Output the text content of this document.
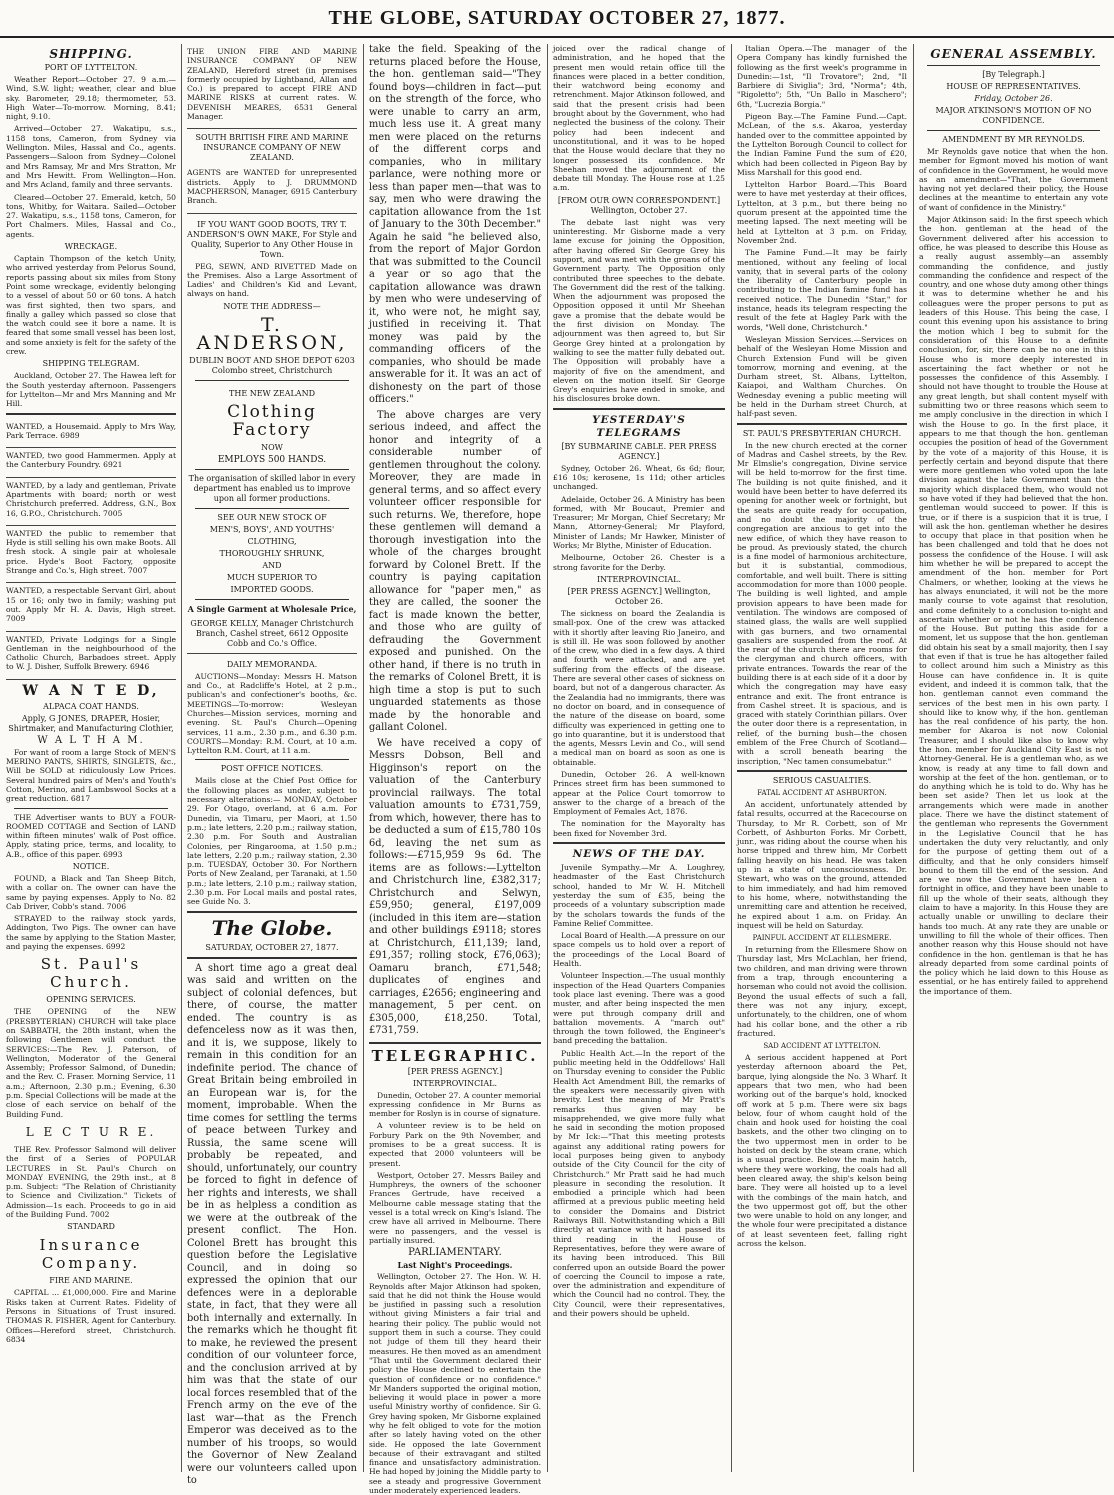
THE GLOBE, SATURDAY OCTOBER 27, 1877.
SHIPPING.
PORT OF LYTTELTON.

Weather Report—October 27. 9 a.m.—Wind, S.W. light; weather, clear and blue sky. Barometer, 29.18; thermometer, 53. High Water—To-morrow. Morning, 8.41; night, 9.10.

Arrived—October 27. Wakatipu, s.s., 1158 tons, Cameron, from Sydney via Wellington. Miles, Hassal and Co., agents. Passengers—Saloon from Sydney—Colonel and Mrs Ramsay, Mr and Mrs Stratton, Mr and Mrs Hewitt. From Wellington—Hon. and Mrs Acland, family and three servants.

Cleared—October 27. Emerald, ketch, 50 tons, Whitby, for Waitara. Sailed—October 27. Wakatipu, s.s., 1158 tons, Cameron, for Port Chalmers. Miles, Hassal and Co., agents.

WRECKAGE.

Captain Thompson of the ketch Unity, who arrived yesterday from Pelorus Sound, reports passing about six miles from Stony Point some wreckage, evidently belonging to a vessel of about 50 or 60 tons. A hatch was first sighted, then two spars, and finally a galley which passed so close that the watch could see it bore a name. It is feared that some small vessel has been lost, and some anxiety is felt for the safety of the crew.

SHIPPING TELEGRAM.

Auckland, October 27. The Hawea left for the South yesterday afternoon. Passengers for Lyttelton—Mr and Mrs Manning and Mr Hill.

WANTED, a Housemaid. Apply to Mrs Way, Park Terrace. 6989

WANTED, two good Hammermen. Apply at the Canterbury Foundry. 6921

WANTED, by a lady and gentleman, Private Apartments with board; north or west Christchurch preferred. Address, G.N., Box 16, G.P.O., Christchurch. 7005

WANTED the public to remember that Hyde is still selling his own make Boots. All fresh stock. A single pair at wholesale price. Hyde's Boot Factory, opposite Strange and Co.'s, High street. 7007

WANTED, a respectable Servant Girl, about 15 or 16; only two in family; washing put out. Apply Mr H. A. Davis, High street. 7009

WANTED, Private Lodgings for a Single Gentleman in the neighbourhood of the Catholic Church, Barbadoes street. Apply to W. J. Disher, Suffolk Brewery. 6946

W A N T E D,
ALPACA COAT HANDS.
Apply, G JONES, DRAPER, Hosier, Shirtmaker, and Manufacturing Clothier,
W A L T H A M.

For want of room a large Stock of MEN'S MERINO PANTS, SHIRTS, SINGLETS, &c., Will be SOLD at ridiculously Low Prices. Several hundred pairs of Men's and Youth's Cotton, Merino, and Lambswool Socks at a great reduction. 6817

THE Advertiser wants to BUY a FOUR-ROOMED COTTAGE and Section of LAND within fifteen minutes' walk of Post office. Apply, stating price, terms, and locality, to A.B., office of this paper. 6993

NOTICE.

FOUND, a Black and Tan Sheep Bitch, with a collar on. The owner can have the same by paying expenses. Apply to No. 82 Cab Driver, Cobb's stand. 7006

STRAYED to the railway stock yards, Addington, Two Pigs. The owner can have the same by applying to the Station Master, and paying the expenses. 6992

St. Paul's Church.
OPENING SERVICES.

THE OPENING of the NEW (PRESBYTERIAN) CHURCH will take place on SABBATH, the 28th instant, when the following Gentlemen will conduct the SERVICES:—The Rev. J. Paterson, of Wellington, Moderator of the General Assembly; Professor Salmond, of Dunedin; and the Rev. C. Fraser. Morning Service, 11 a.m.; Afternoon, 2.30 p.m.; Evening, 6.30 p.m. Special Collections will be made at the close of each service on behalf of the Building Fund.

L E C T U R E.

THE Rev. Professor Salmond will deliver the first of a Series of POPULAR LECTURES in St. Paul's Church on MONDAY EVENING, the 29th inst., at 8 p.m. Subject: "The Relation of Christianity to Science and Civilization." Tickets of Admission—1s each. Proceeds to go in aid of the Building Fund. 7002

STANDARD
Insurance Company.
FIRE AND MARINE.

CAPITAL ... £1,000,000. Fire and Marine Risks taken at Current Rates. Fidelity of Persons in Situations of Trust insured. THOMAS R. FISHER, Agent for Canterbury. Offices—Hereford street, Christchurch. 6834

THE UNION FIRE AND MARINE INSURANCE COMPANY OF NEW ZEALAND, Hereford street (in premises formerly occupied by Lightband, Allan and Co.) is prepared to accept FIRE AND MARINE RISKS at current rates. W. DEVENISH MEARES, 6531 General Manager.

SOUTH BRITISH FIRE AND MARINE INSURANCE COMPANY OF NEW ZEALAND.

AGENTS are WANTED for unrepresented districts. Apply to J. DRUMMOND MACPHERSON, Manager, 6915 Canterbury Branch.

IF YOU WANT GOOD BOOTS, TRY T. ANDERSON'S OWN MAKE, For Style and Quality, Superior to Any Other House in Town.

PEG, SEWN, AND RIVETTED Made on the Premises. Also a Large Assortment of Ladies' and Children's Kid and Levant, always on hand.

NOTE THE ADDRESS—
T. ANDERSON,
DUBLIN BOOT AND SHOE DEPOT 6203 Colombo street, Christchurch
THE NEW ZEALAND
Clothing Factory
NOW
EMPLOYS 500 HANDS.
The organisation of skilled labor in every department has enabled us to improve upon all former productions.
SEE OUR NEW STOCK OF
MEN'S, BOYS', AND YOUTHS'
CLOTHING,
THOROUGHLY SHRUNK,
AND
MUCH SUPERIOR TO
IMPORTED GOODS.
A Single Garment at Wholesale Price,
GEORGE KELLY, Manager Christchurch Branch, Cashel street, 6612 Opposite Cobb and Co.'s Office.
DAILY MEMORANDA.

AUCTIONS—Monday: Messrs H. Matson and Co., at Radcliffe's Hotel, at 2 p.m., publican's and confectioner's booths, &c. MEETINGS—To-morrow: Wesleyan Churches—Mission services, morning and evening. St. Paul's Church—Opening services, 11 a.m., 2.30 p.m., and 6.30 p.m. COURTS—Monday: R.M. Court, at 10 a.m. Lyttelton R.M. Court, at 11 a.m.

POST OFFICE NOTICES.

Mails close at the Chief Post Office for the following places as under, subject to necessary alterations:— MONDAY, October 29. For Otago, overland, at 6 a.m. For Dunedin, via Timaru, per Maori, at 1.50 p.m.; late letters, 2.20 p.m.; railway station, 2.30 p.m. For South and Australian Colonies, per Ringarooma, at 1.50 p.m.; late letters, 2.20 p.m.; railway station, 2.30 p.m. TUESDAY, October 30. For Northern Ports of New Zealand, per Taranaki, at 1.50 p.m.; late letters, 2.10 p.m.; railway station, 2.30 p.m. For Local mails and postal rates, see Guide No. 3.

The Globe.
SATURDAY, OCTOBER 27, 1877.

A short time ago a great deal was said and written on the subject of colonial defences, but there, of course, the matter ended. The country is as defenceless now as it was then, and it is, we suppose, likely to remain in this condition for an indefinite period. The chance of Great Britain being embroiled in an European war is, for the moment, improbable. When the time comes for settling the terms of peace between Turkey and Russia, the same scene will probably be repeated, and should, unfortunately, our country be forced to fight in defence of her rights and interests, we shall be in as helpless a condition as we were at the outbreak of the present conflict. The Hon. Colonel Brett has brought this question before the Legislative Council, and in doing so expressed the opinion that our defences were in a deplorable state, in fact, that they were all both internally and externally. In the remarks which he thought fit to make, he reviewed the present condition of our volunteer force, and the conclusion arrived at by him was that the state of our local forces resembled that of the French army on the eve of the last war—that as the French Emperor was deceived as to the number of his troops, so would the Governor of New Zealand were our volunteers called upon to

take the field. Speaking of the returns placed before the House, the hon. gentleman said—"They found boys—children in fact—put on the strength of the force, who were unable to carry an arm, much less use it. A great many men were placed on the returns of the different corps and companies, who in military parlance, were nothing more or less than paper men—that was to say, men who were drawing the capitation allowance from the 1st of January to the 30th December." Again he said "he believed also, from the report of Major Gordon that was submitted to the Council a year or so ago that the capitation allowance was drawn by men who were undeserving of it, who were not, he might say, justified in receiving it. That money was paid by the commanding officers of the companies, who should be made answerable for it. It was an act of dishonesty on the part of those officers."

The above charges are very serious indeed, and affect the honor and integrity of a considerable number of gentlemen throughout the colony. Moreover, they are made in general terms, and so affect every volunteer officer responsible for such returns. We, therefore, hope these gentlemen will demand a thorough investigation into the whole of the charges brought forward by Colonel Brett. If the country is paying capitation allowance for "paper men," as they are called, the sooner the fact is made known the better, and those who are guilty of defrauding the Government exposed and punished. On the other hand, if there is no truth in the remarks of Colonel Brett, it is high time a stop is put to such unguarded statements as those made by the honorable and gallant Colonel.

We have received a copy of Messrs Dobson, Bell and Higginson's report on the valuation of the Canterbury provincial railways. The total valuation amounts to £731,759, from which, however, there has to be deducted a sum of £15,780 10s 6d, leaving the net sum as follows:—£715,959 9s 6d. The items are as follows:—Lyttelton and Christchurch line, £382,317; Christchurch and Selwyn, £59,950; general, £197,009 (included in this item are—station and other buildings £9118; stores at Christchurch, £11,139; land, £91,357; rolling stock, £76,063); Oamaru branch, £71,548; duplicates of engines and carriages, £2656; engineering and management, 5 per cent. on £305,000, £18,250. Total, £731,759.

TELEGRAPHIC.
[PER PRESS AGENCY.]
INTERPROVINCIAL.

Dunedin, October 27. A counter memorial expressing confidence in Mr Burns as member for Roslyn is in course of signature.

A volunteer review is to be held on Forbury Park on the 9th November, and promises to be a great success. It is expected that 2000 volunteers will be present.

Westport, October 27. Messrs Bailey and Humphreys, the owners of the schooner Frances Gertrude, have received a Melbourne cable message stating that the vessel is a total wreck on King's Island. The crew have all arrived in Melbourne. There were no passengers, and the vessel is partially insured.

PARLIAMENTARY.
Last Night's Proceedings.

Wellington, October 27. The Hon. W. H. Reynolds after Major Atkinson had spoken, said that he did not think the House would be justified in passing such a resolution without giving Ministers a fair trial and hearing their policy. The public would not support them in such a course. They could not judge of them till they heard their measures. He then moved as an amendment "That until the Government declared their policy the House declined to entertain the question of confidence or no confidence." Mr Manders supported the original motion, believing it would place in power a more useful Ministry worthy of confidence. Sir G. Grey having spoken, Mr Gisborne explained why he felt obliged to vote for the motion after so lately having voted on the other side. He opposed the late Government because of their extravagant and stilted finance and unsatisfactory administration. He had hoped by joining the Middle party to see a steady and progressive Government under moderately experienced leaders.

joiced over the radical change of administration, and he hoped that the present men would retain office till the finances were placed in a better condition, their watchword being economy and retrenchment. Major Atkinson followed, and said that the present crisis had been brought about by the Government, who had neglected the business of the colony. Their policy had been indecent and unconstitutional, and it was to be hoped that the House would declare that they no longer possessed its confidence. Mr Sheehan moved the adjournment of the debate till Monday. The House rose at 1.25 a.m.

[FROM OUR OWN CORRESPONDENT.] Wellington, October 27.

The debate last night was very uninteresting. Mr Gisborne made a very lame excuse for joining the Opposition, after having offered Sir George Grey his support, and was met with the groans of the Government party. The Opposition only contributed three speeches to the debate. The Government did the rest of the talking. When the adjournment was proposed the Opposition opposed it until Mr Sheehan gave a promise that the debate would be the first division on Monday. The adjournment was then agreed to, but Sir George Grey hinted at a prolongation by walking to see the matter fully debated out. The Opposition will probably have a majority of five on the amendment, and eleven on the motion itself. Sir George Grey's enquiries have ended in smoke, and his disclosures broke down.

YESTERDAY'S TELEGRAMS
[BY SUBMARINE CABLE. PER PRESS AGENCY.]

Sydney, October 26. Wheat, 6s 6d; flour, £16 10s; kerosene, 1s 11d; other articles unchanged.

Adelaide, October 26. A Ministry has been formed, with Mr Boucaut, Premier and Treasurer; Mr Morgan, Chief Secretary; Mr Mann, Attorney-General; Mr Playford, Minister of Lands; Mr Hawker, Minister of Works; Mr Blythe, Minister of Education.

Melbourne, October 26. Chester is a strong favorite for the Derby.

INTERPROVINCIAL.
[PER PRESS AGENCY.] Wellington, October 26.

The sickness on board the Zealandia is small-pox. One of the crew was attacked with it shortly after leaving Rio Janeiro, and is still ill. He was soon followed by another of the crew, who died in a few days. A third and fourth were attacked, and are yet suffering from the effects of the disease. There are several other cases of sickness on board, but not of a dangerous character. As the Zealandia had no immigrants, there was no doctor on board, and in consequence of the nature of the disease on board, some difficulty was experienced in getting one to go into quarantine, but it is understood that the agents, Messrs Levin and Co., will send a medical man on board as soon as one is obtainable.

Dunedin, October 26. A well-known Princes street firm has been summoned to appear at the Police Court tomorrow to answer to the charge of a breach of the Employment of Females Act, 1876.

The nomination for the Mayoralty has been fixed for November 3rd.

NEWS OF THE DAY.

Juvenile Sympathy.—Mr A. Loughrey, headmaster of the East Christchurch school, handed to Mr W. H. Mitchell yesterday the sum of £35, being the proceeds of a voluntary subscription made by the scholars towards the funds of the Famine Relief Committee.

Local Board of Health.—A pressure on our space compels us to hold over a report of the proceedings of the Local Board of Health.

Volunteer Inspection.—The usual monthly inspection of the Head Quarters Companies took place last evening. There was a good muster, and after being inspected the men were put through company drill and battalion movements. A "march out" through the town followed, the Engineer's band preceding the battalion.

Public Health Act.—In the report of the public meeting held in the Oddfellows' Hall on Thursday evening to consider the Public Health Act Amendment Bill, the remarks of the speakers were necessarily given with brevity. Lest the meaning of Mr Pratt's remarks thus given may be misapprehended, we give more fully what he said in seconding the motion proposed by Mr Ick:—"That this meeting protests against any additional rating powers for local purposes being given to anybody outside of the City Council for the city of Christchurch." Mr Pratt said he had much pleasure in seconding the resolution. It embodied a principle which had been affirmed at a previous public meeting held to consider the Domains and District Railways Bill. Notwithstanding which a Bill directly at variance with it had passed its third reading in the House of Representatives, before they were aware of its having been introduced. This Bill conferred upon an outside Board the power of coercing the Council to impose a rate, over the administration and expenditure of which the Council had no control. They, the City Council, were their representatives, and their powers should be upheld.

Italian Opera.—The manager of the Opera Company has kindly furnished the following as the first week's programme in Dunedin:—1st, "Il Trovatore"; 2nd, "Il Barbiere di Siviglia"; 3rd, "Norma"; 4th, "Rigoletto"; 5th, "Un Ballo in Maschero"; 6th, "Lucrezia Borgia."

Pigeon Bay.—The Famine Fund.—Capt. McLean, of the s.s. Akaroa, yesterday handed over to the committee appointed by the Lyttelton Borough Council to collect for the Indian Famine Fund the sum of £20, which had been collected in Pigeon Bay by Miss Marshall for this good end.

Lyttelton Harbor Board.—This Board were to have met yesterday at their offices, Lyttelton, at 3 p.m., but there being no quorum present at the appointed time the meeting lapsed. The next meeting will be held at Lyttelton at 3 p.m. on Friday, November 2nd.

The Famine Fund.—It may be fairly mentioned, without any feeling of local vanity, that in several parts of the colony the liberality of Canterbury people in contributing to the Indian famine fund has received notice. The Dunedin "Star," for instance, heads its telegram respecting the result of the fete at Hagley Park with the words, "Well done, Christchurch."

Wesleyan Mission Services.—Services on behalf of the Wesleyan Home Mission and Church Extension Fund will be given tomorrow, morning and evening, at the Durham street, St. Albans, Lyttelton, Kaiapoi, and Waltham Churches. On Wednesday evening a public meeting will be held in the Durham street Church, at half-past seven.

ST. PAUL'S PRESBYTERIAN CHURCH.

In the new church erected at the corner of Madras and Cashel streets, by the Rev. Mr Elmslie's congregation, Divine service will be held to-morrow for the first time. The building is not quite finished, and it would have been better to have deferred its opening for another week or fortnight, but the seats are quite ready for occupation, and no doubt the majority of the congregation are anxious to get into the new edifice, of which they have reason to be proud. As previously stated, the church is a fine model of harmonious architecture, but it is substantial, commodious, comfortable, and well built. There is sitting accommodation for more than 1000 people. The building is well lighted, and ample provision appears to have been made for ventilation. The windows are composed of stained glass, the walls are well supplied with gas burners, and two ornamental gasaliers are suspended from the roof. At the rear of the church there are rooms for the clergyman and church officers, with private entrances. Towards the rear of the building there is at each side of it a door by which the congregation may have easy entrance and exit. The front entrance is from Cashel street. It is spacious, and is graced with stately Corinthian pillars. Over the outer door there is a representation, in relief, of the burning bush—the chosen emblem of the Free Church of Scotland—with a scroll beneath bearing the inscription, "Nec tamen consumebatur."

SERIOUS CASUALTIES.
FATAL ACCIDENT AT ASHBURTON.

An accident, unfortunately attended by fatal results, occurred at the Racecourse on Thursday, to Mr R. Corbett, son of Mr Corbett, of Ashburton Forks. Mr Corbett, junr., was riding about the course when his horse tripped and threw him, Mr Corbett falling heavily on his head. He was taken up in a state of unconsciousness. Dr. Stewart, who was on the ground, attended to him immediately, and had him removed to his home, where, notwithstanding the unremitting care and attention he received, he expired about 1 a.m. on Friday. An inquest will be held on Saturday.

PAINFUL ACCIDENT AT ELLESMERE.

In returning from the Ellesmere Show on Thursday last, Mrs McLachlan, her friend, two children, and man driving were thrown from a trap, through encountering a horseman who could not avoid the collision. Beyond the usual effects of such a fall, there was not any injury, except, unfortunately, to the children, one of whom had his collar bone, and the other a rib fractured.

SAD ACCIDENT AT LYTTELTON.

A serious accident happened at Port yesterday afternoon aboard the Pet, barque, lying alongside the No. 3 Wharf. It appears that two men, who had been working out of the barque's hold, knocked off work at 5 p.m. There were six bags below, four of whom caught hold of the chain and hook used for hoisting the coal baskets, and the other two clinging on to the two uppermost men in order to be hoisted on deck by the steam crane, which is a usual practice. Below the main hatch, where they were working, the coals had all been cleared away, the ship's kelson being bare. They were all hoisted up to a level with the combings of the main hatch, and the two uppermost got off, but the other two were unable to hold on any longer, and the whole four were precipitated a distance of at least seventeen feet, falling right across the kelson.

GENERAL ASSEMBLY.
[By Telegraph.]
HOUSE OF REPRESENTATIVES.
Friday, October 26.
MAJOR ATKINSON'S MOTION OF NO CONFIDENCE.
AMENDMENT BY MR REYNOLDS.

Mr Reynolds gave notice that when the hon. member for Egmont moved his motion of want of confidence in the Government, he would move as an amendment—"That, the Government having not yet declared their policy, the House declines at the meantime to entertain any vote of want of confidence in the Ministry."

Major Atkinson said: In the first speech which the hon. gentleman at the head of the Government delivered after his accession to office, he was pleased to describe this House as a really august assembly—an assembly commanding the confidence, and justly commanding the confidence and respect of the country, and one whose duty among other things it was to determine whether he and his colleagues were the proper persons to put as leaders of this House. This being the case, I count this evening upon his assistance to bring the motion which I beg to submit for the consideration of this House to a definite conclusion, for, sir, there can be no one in this House who is more deeply interested in ascertaining the fact whether or not he possesses the confidence of this Assembly. I should not have thought to trouble the House at any great length, but shall content myself with submitting two or three reasons which seem to me amply conclusive in the direction in which I wish the House to go. In the first place, it appears to me that though the hon. gentleman occupies the position of head of the Government by the vote of a majority of this House, it is perfectly certain and beyond dispute that there were more gentlemen who voted upon the late division against the late Government than the majority which displaced them, who would not so have voted if they had believed that the hon. gentleman would succeed to power. If this is true, or if there is a suspicion that it is true, I will ask the hon. gentleman whether he desires to occupy that place in that position when he has been challenged and told that he does not possess the confidence of the House. I will ask him whether he will be prepared to accept the amendment of the hon. member for Port Chalmers, or whether, looking at the views he has always enunciated, it will not be the more manly course to vote against that resolution, and come definitely to a conclusion to-night and ascertain whether or not he has the confidence of the House. But putting this aside for a moment, let us suppose that the hon. gentleman did obtain his seat by a small majority, then I say that even if that is true he has altogether failed to collect around him such a Ministry as this House can have confidence in. It is quite evident, and indeed it is common talk, that the hon. gentleman cannot even command the services of the best men in his own party. I should like to know why, if the hon. gentleman has the real confidence of his party, the hon. member for Akaroa is not now Colonial Treasurer, and I should like also to know why the hon. member for Auckland City East is not Attorney-General. He is a gentleman who, as we know, is ready at any time to fall down and worship at the feet of the hon. gentleman, or to do anything which he is told to do. Why has he been set aside? Then let us look at the arrangements which were made in another place. There we have the distinct statement of the gentleman who represents the Government in the Legislative Council that he has undertaken the duty very reluctantly, and only for the purpose of getting them out of a difficulty, and that he only considers himself bound to them till the end of the session. And are we now the Government have been a fortnight in office, and they have been unable to fill up the whole of their seats, although they claim to have a majority. In this House they are actually unable or unwilling to declare their hands too much. At any rate they are unable or unwilling to fill the whole of their offices. Then another reason why this House should not have confidence in the hon. gentleman is that he has already departed from some cardinal points of the policy which he laid down to this House as essential, or he has entirely failed to apprehend the importance of them.
